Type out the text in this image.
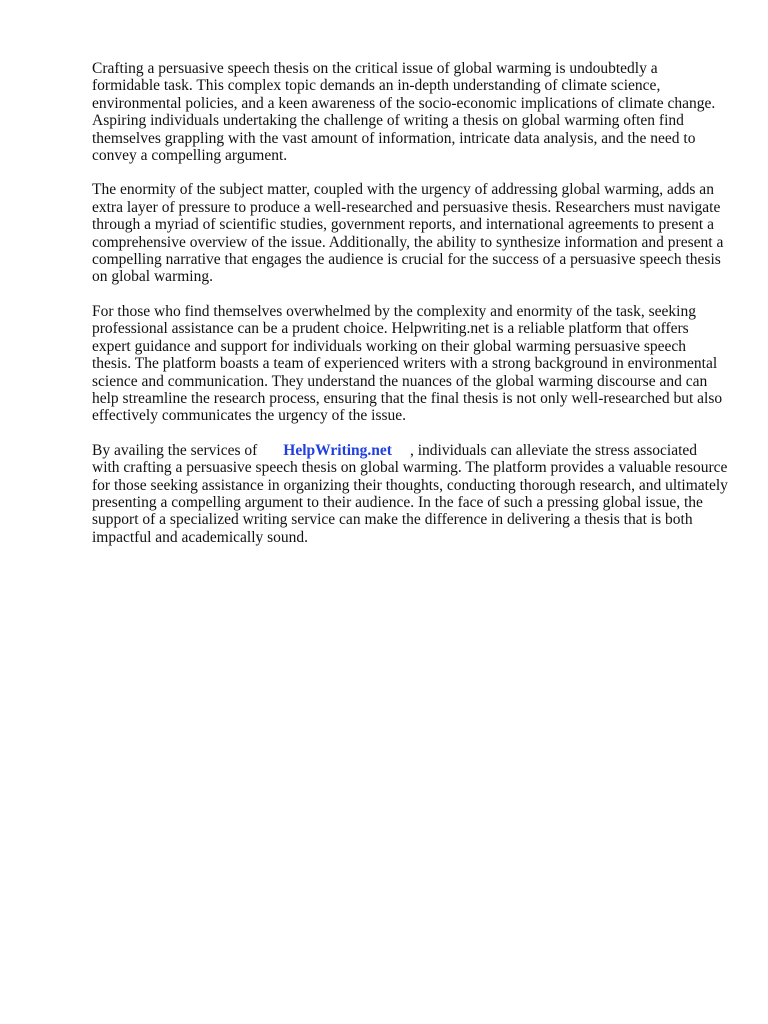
Crafting a persuasive speech thesis on the critical issue of global warming is undoubtedly a formidable task. This complex topic demands an in-depth understanding of climate science, environmental policies, and a keen awareness of the socio-economic implications of climate change. Aspiring individuals undertaking the challenge of writing a thesis on global warming often find themselves grappling with the vast amount of information, intricate data analysis, and the need to convey a compelling argument.

The enormity of the subject matter, coupled with the urgency of addressing global warming, adds an extra layer of pressure to produce a well-researched and persuasive thesis. Researchers must navigate through a myriad of scientific studies, government reports, and international agreements to present a comprehensive overview of the issue. Additionally, the ability to synthesize information and present a compelling narrative that engages the audience is crucial for the success of a persuasive speech thesis on global warming.

For those who find themselves overwhelmed by the complexity and enormity of the task, seeking professional assistance can be a prudent choice. Helpwriting.net is a reliable platform that offers expert guidance and support for individuals working on their global warming persuasive speech thesis. The platform boasts a team of experienced writers with a strong background in environmental science and communication. They understand the nuances of the global warming discourse and can help streamline the research process, ensuring that the final thesis is not only well-researched but also effectively communicates the urgency of the issue.

By availing the services of HelpWriting.net , individuals can alleviate the stress associated with crafting a persuasive speech thesis on global warming. The platform provides a valuable resource for those seeking assistance in organizing their thoughts, conducting thorough research, and ultimately presenting a compelling argument to their audience. In the face of such a pressing global issue, the support of a specialized writing service can make the difference in delivering a thesis that is both impactful and academically sound.
